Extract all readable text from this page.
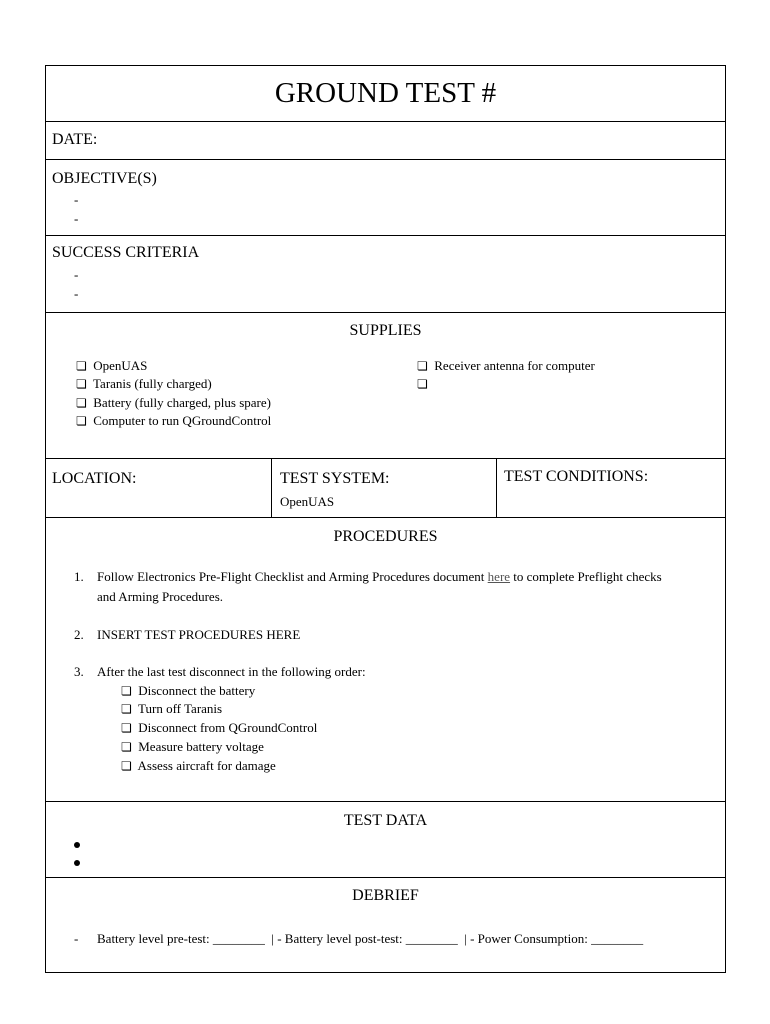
GROUND TEST #
DATE:
OBJECTIVE(S)
-
-
SUCCESS CRITERIA
-
-
SUPPLIES
❏ OpenUAS
❏ Taranis (fully charged)
❏ Battery (fully charged, plus spare)
❏ Computer to run QGroundControl
❏ Receiver antenna for computer
❏
LOCATION:	TEST SYSTEM:
OpenUAS
TEST CONDITIONS:
PROCEDURES
1. Follow Electronics Pre-Flight Checklist and Arming Procedures document here to complete Preflight checks
and Arming Procedures.
2. INSERT TEST PROCEDURES HERE
3. After the last test disconnect in the following order:
❏ Disconnect the battery
❏ Turn off Taranis
❏ Disconnect from QGroundControl
❏ Measure battery voltage
❏ Assess aircraft for damage
TEST DATA
DEBRIEF
- Battery level pre-test: ________  | - Battery level post-test: ________  | - Power Consumption: ________
